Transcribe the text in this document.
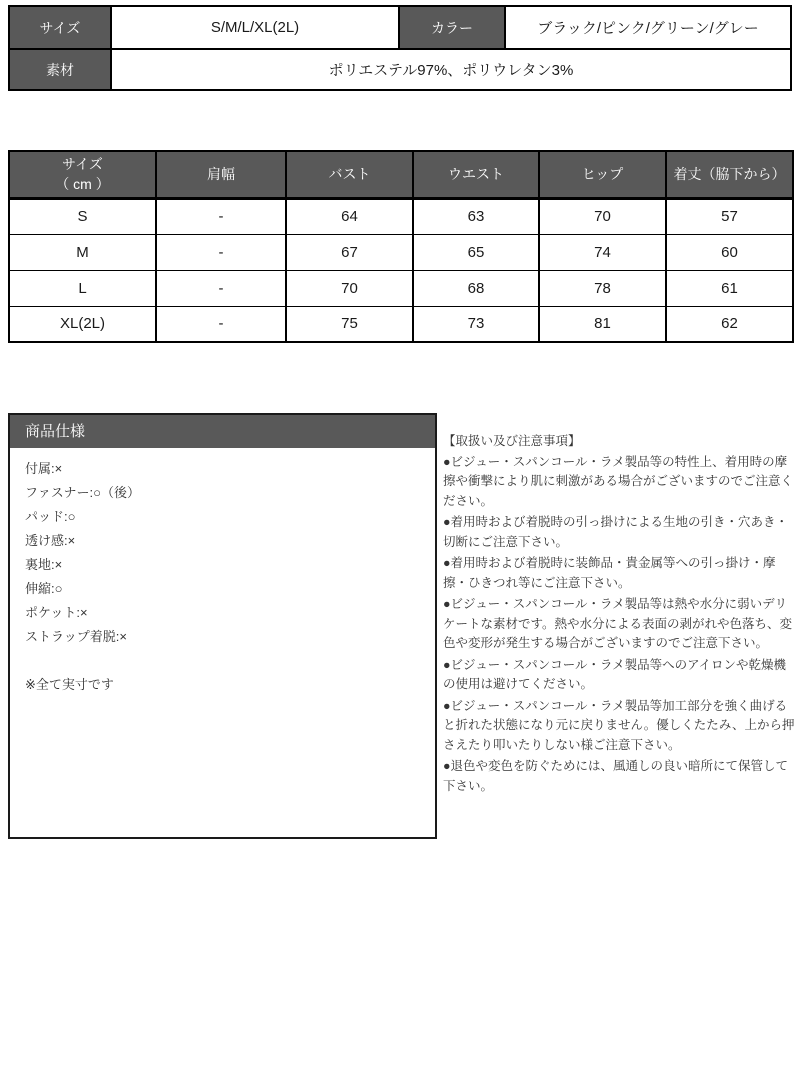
サイズ	S/M/L/XL(2L)	カラー	ブラック/ピンク/グリーン/グレー
素材	ポリエステル97%、ポリウレタン3%
サイズ
（ cm ）	肩幅	バスト	ウエスト	ヒップ	着丈（脇下から）
S	-	64	63	70	57
M	-	67	65	74	60
L	-	70	68	78	61
XL(2L)	-	75	73	81	62
商品仕様
付属:×
ファスナー:○（後）
パッド:○
透け感:×
裏地:×
伸縮:○
ポケット:×
ストラップ着脱:×
※全て実寸です
【取扱い及び注意事項】
●ビジュー・スパンコール・ラメ製品等の特性上、着用時の摩擦や衝撃により肌に刺激がある場合がございますのでご注意ください。
●着用時および着脱時の引っ掛けによる生地の引き・穴あき・切断にご注意下さい。
●着用時および着脱時に装飾品・貴金属等への引っ掛け・摩擦・ひきつれ等にご注意下さい。
●ビジュー・スパンコール・ラメ製品等は熱や水分に弱いデリケートな素材です。熱や水分による表面の剥がれや色落ち、変色や変形が発生する場合がございますのでご注意下さい。
●ビジュー・スパンコール・ラメ製品等へのアイロンや乾燥機の使用は避けてください。
●ビジュー・スパンコール・ラメ製品等加工部分を強く曲げると折れた状態になり元に戻りません。優しくたたみ、上から押さえたり叩いたりしない様ご注意下さい。
●退色や変色を防ぐためには、風通しの良い暗所にて保管して下さい。
